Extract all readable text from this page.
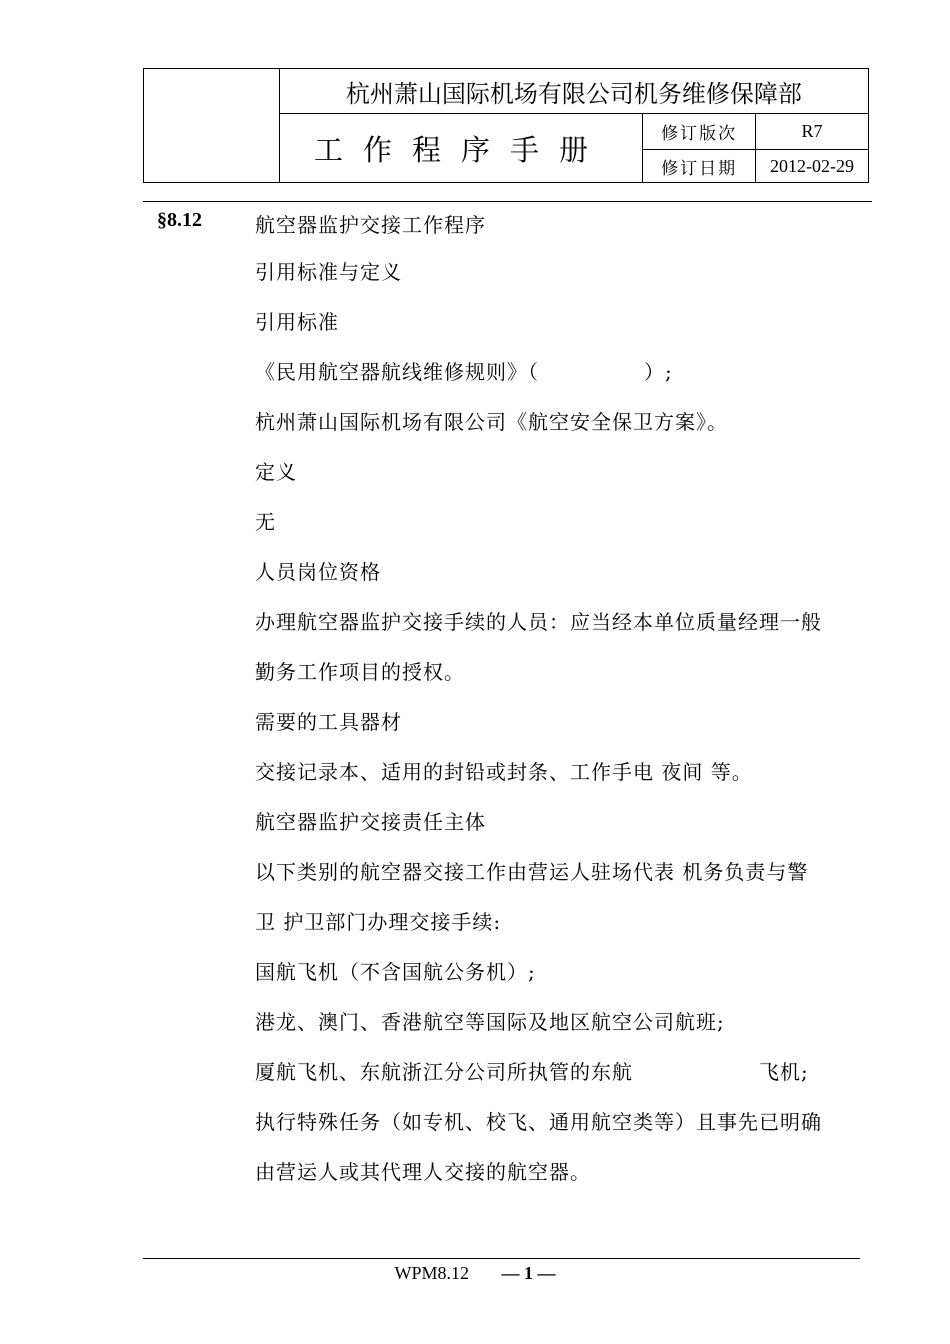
	杭州萧山国际机场有限公司机务维修保障部		
	工作程序手册	修订版次	R7
		修订日期	2012-02-29
§8.12	航空器监护交接工作程序
引用标准与定义
引用标准
《民用航空器航线维修规则》（　　　　　）;
杭州萧山国际机场有限公司《航空安全保卫方案》。
定义
无
人员岗位资格
办理航空器监护交接手续的人员：应当经本单位质量经理一般
勤务工作项目的授权。
需要的工具器材
交接记录本、适用的封铅或封条、工作手电 夜间 等。
航空器监护交接责任主体
以下类别的航空器交接工作由营运人驻场代表 机务负责与警
卫 护卫部门办理交接手续:
国航飞机（不含国航公务机）;
港龙、澳门、香港航空等国际及地区航空公司航班;
厦航飞机、东航浙江分公司所执管的东航　　　　　　飞机;
执行特殊任务（如专机、校飞、通用航空类等）且事先已明确
由营运人或其代理人交接的航空器。
WPM8.12 — 1 —
